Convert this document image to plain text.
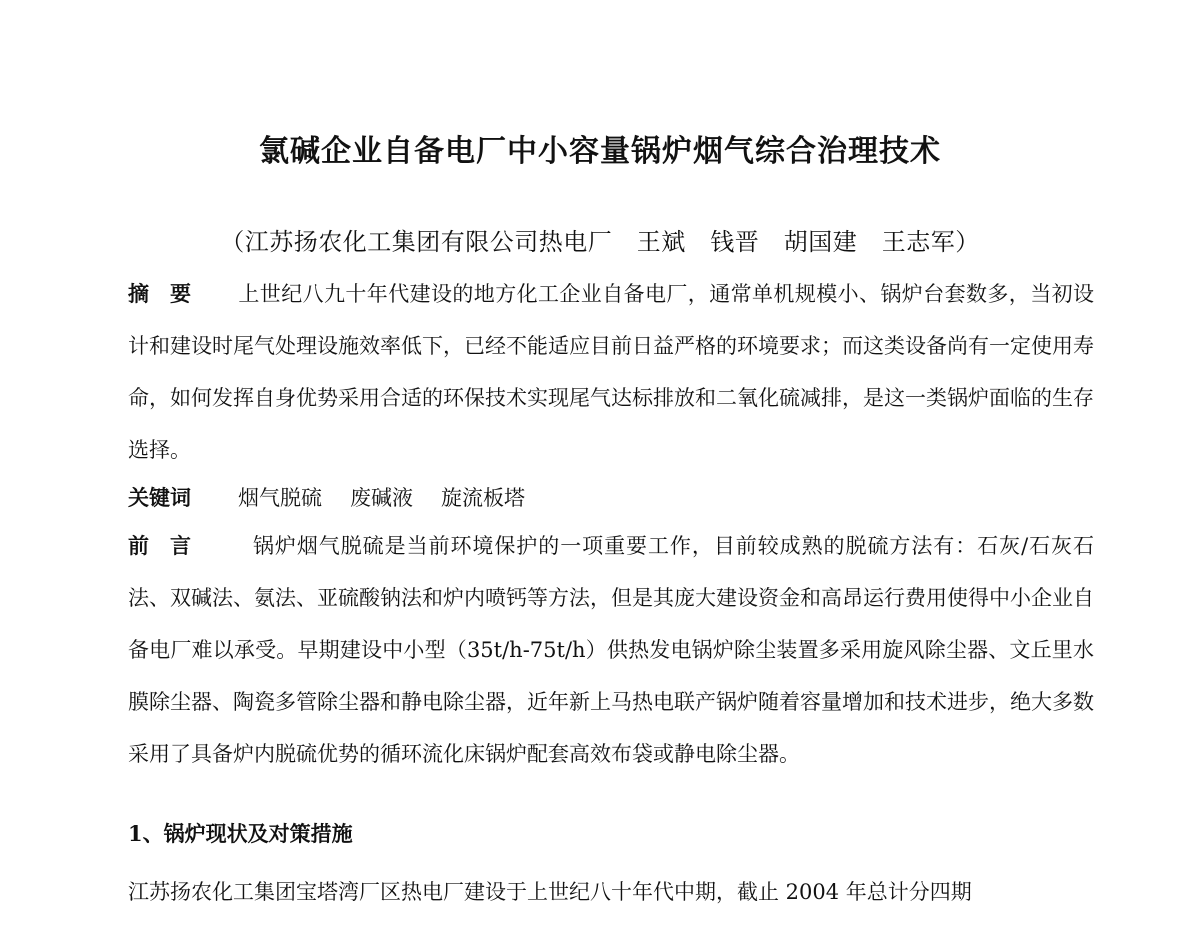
氯碱企业自备电厂中小容量锅炉烟气综合治理技术
（江苏扬农化工集团有限公司热电厂　王斌　钱晋　胡国建　王志军）
摘　要 上世纪八九十年代建设的地方化工企业自备电厂，通常单机规模小、锅炉台套数多，当初设计和建设时尾气处理设施效率低下，已经不能适应目前日益严格的环境要求；而这类设备尚有一定使用寿命，如何发挥自身优势采用合适的环保技术实现尾气达标排放和二氧化硫减排，是这一类锅炉面临的生存选择。
关键词 烟气脱硫 废碱液 旋流板塔
前　言	锅炉烟气脱硫是当前环境保护的一项重要工作，目前较成熟的脱硫方法有：石灰/石灰石法、双碱法、氨法、亚硫酸钠法和炉内喷钙等方法，但是其庞大建设资金和高昂运行费用使得中小企业自备电厂难以承受。早期建设中小型（35t/h-75t/h）供热发电锅炉除尘装置多采用旋风除尘器、文丘里水膜除尘器、陶瓷多管除尘器和静电除尘器，近年新上马热电联产锅炉随着容量增加和技术进步，绝大多数采用了具备炉内脱硫优势的循环流化床锅炉配套高效布袋或静电除尘器。
1、锅炉现状及对策措施
江苏扬农化工集团宝塔湾厂区热电厂建设于上世纪八十年代中期，截止 2004 年总计分四期
